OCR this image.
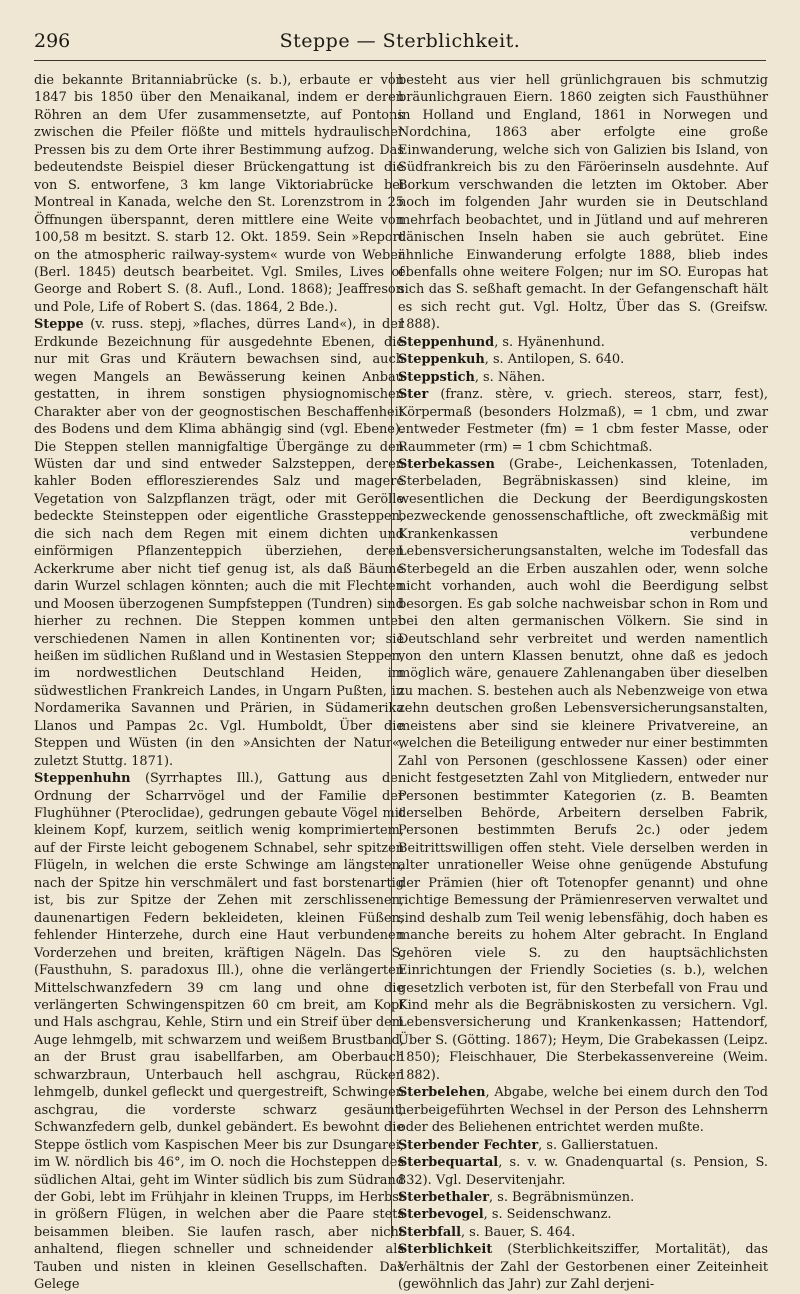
296	Steppe — Sterblichkeit.

die bekannte Britanniabrücke (s. b.), erbaute er von 1847 bis 1850 über den Menaikanal, indem er deren Röhren an dem Ufer zusammensetzte, auf Pontons zwischen die Pfeiler flößte und mittels hydraulischer Pressen bis zu dem Orte ihrer Bestimmung aufzog. Das bedeutendste Beispiel dieser Brückengattung ist die von S. entworfene, 3 km lange Viktoriabrücke bei Montreal in Kanada, welche den St. Lorenzstrom in 25 Öffnungen überspannt, deren mittlere eine Weite von 100,58 m besitzt. S. starb 12. Okt. 1859. Sein »Report on the atmospheric railway-system« wurde von Weber (Berl. 1845) deutsch bearbeitet. Vgl. Smiles, Lives of George and Robert S. (8. Aufl., Lond. 1868); Jeaffreson und Pole, Life of Robert S. (das. 1864, 2 Bde.).

Steppe (v. russ. stepj, »flaches, dürres Land«), in der Erdkunde Bezeichnung für ausgedehnte Ebenen, die nur mit Gras und Kräutern bewachsen sind, auch wegen Mangels an Bewässerung keinen Anbau gestatten, in ihrem sonstigen physiognomischen Charakter aber von der geognostischen Beschaffenheit des Bodens und dem Klima abhängig sind (vgl. Ebene). Die Steppen stellen mannigfaltige Übergänge zu den Wüsten dar und sind entweder Salzsteppen, deren kahler Boden effloreszierendes Salz und magere Vegetation von Salzpflanzen trägt, oder mit Gerölle bedeckte Steinsteppen oder eigentliche Grassteppen, die sich nach dem Regen mit einem dichten und einförmigen Pflanzenteppich überziehen, deren Ackerkrume aber nicht tief genug ist, als daß Bäume darin Wurzel schlagen könnten; auch die mit Flechten und Moosen überzogenen Sumpfsteppen (Tundren) sind hierher zu rechnen. Die Steppen kommen unter verschiedenen Namen in allen Kontinenten vor; sie heißen im südlichen Rußland und in Westasien Steppen, im nordwestlichen Deutschland Heiden, im südwestlichen Frankreich Landes, in Ungarn Pußten, in Nordamerika Savannen und Prärien, in Südamerika Llanos und Pampas 2c. Vgl. Humboldt, Über die Steppen und Wüsten (in den »Ansichten der Natur«, zuletzt Stuttg. 1871).

Steppenhuhn (Syrrhaptes Ill.), Gattung aus der Ordnung der Scharrvögel und der Familie der Flughühner (Pteroclidae), gedrungen gebaute Vögel mit kleinem Kopf, kurzem, seitlich wenig komprimiertem, auf der Firste leicht gebogenem Schnabel, sehr spitzen Flügeln, in welchen die erste Schwinge am längsten, nach der Spitze hin verschmälert und fast borstenartig ist, bis zur Spitze der Zehen mit zerschlissenen, daunenartigen Federn bekleideten, kleinen Füßen, fehlender Hinterzehe, durch eine Haut verbundenen Vorderzehen und breiten, kräftigen Nägeln. Das S. (Fausthuhn, S. paradoxus Ill.), ohne die verlängerten Mittelschwanzfedern 39 cm lang und ohne die verlängerten Schwingenspitzen 60 cm breit, am Kopf und Hals aschgrau, Kehle, Stirn und ein Streif über dem Auge lehmgelb, mit schwarzem und weißem Brustband, an der Brust grau isabellfarben, am Oberbauch schwarzbraun, Unterbauch hell aschgrau, Rücken lehmgelb, dunkel gefleckt und quergestreift, Schwingen aschgrau, die vorderste schwarz gesäumt, Schwanzfedern gelb, dunkel gebändert. Es bewohnt die Steppe östlich vom Kaspischen Meer bis zur Dsungarei, im W. nördlich bis 46°, im O. noch die Hochsteppen des südlichen Altai, geht im Winter südlich bis zum Südrand der Gobi, lebt im Frühjahr in kleinen Trupps, im Herbst in größern Flügen, in welchen aber die Paare stets beisammen bleiben. Sie laufen rasch, aber nicht anhaltend, fliegen schneller und schneidender als Tauben und nisten in kleinen Gesellschaften. Das Gelege

besteht aus vier hell grünlichgrauen bis schmutzig bräunlichgrauen Eiern. 1860 zeigten sich Fausthühner in Holland und England, 1861 in Norwegen und Nordchina, 1863 aber erfolgte eine große Einwanderung, welche sich von Galizien bis Island, von Südfrankreich bis zu den Färöerinseln ausdehnte. Auf Borkum verschwanden die letzten im Oktober. Aber noch im folgenden Jahr wurden sie in Deutschland mehrfach beobachtet, und in Jütland und auf mehreren dänischen Inseln haben sie auch gebrütet. Eine ähnliche Einwanderung erfolgte 1888, blieb indes ebenfalls ohne weitere Folgen; nur im SO. Europas hat sich das S. seßhaft gemacht. In der Gefangenschaft hält es sich recht gut. Vgl. Holtz, Über das S. (Greifsw. 1888).

Steppenhund, s. Hyänenhund.

Steppenkuh, s. Antilopen, S. 640.

Steppstich, s. Nähen.

Ster (franz. stère, v. griech. stereos, starr, fest), Körpermaß (besonders Holzmaß), = 1 cbm, und zwar entweder Festmeter (fm) = 1 cbm fester Masse, oder Raummeter (rm) = 1 cbm Schichtmaß.

Sterbekassen (Grabe-, Leichenkassen, Totenladen, Sterbeladen, Begräbniskassen) sind kleine, im wesentlichen die Deckung der Beerdigungskosten bezweckende genossenschaftliche, oft zweckmäßig mit Krankenkassen verbundene Lebensversicherungsanstalten, welche im Todesfall das Sterbegeld an die Erben auszahlen oder, wenn solche nicht vorhanden, auch wohl die Beerdigung selbst besorgen. Es gab solche nachweisbar schon in Rom und bei den alten germanischen Völkern. Sie sind in Deutschland sehr verbreitet und werden namentlich von den untern Klassen benutzt, ohne daß es jedoch möglich wäre, genauere Zahlenangaben über dieselben zu machen. S. bestehen auch als Nebenzweige von etwa zehn deutschen großen Lebensversicherungsanstalten, meistens aber sind sie kleinere Privatvereine, an welchen die Beteiligung entweder nur einer bestimmten Zahl von Personen (geschlossene Kassen) oder einer nicht festgesetzten Zahl von Mitgliedern, entweder nur Personen bestimmter Kategorien (z. B. Beamten derselben Behörde, Arbeitern derselben Fabrik, Personen bestimmten Berufs 2c.) oder jedem Beitrittswilligen offen steht. Viele derselben werden in alter unrationeller Weise ohne genügende Abstufung der Prämien (hier oft Totenopfer genannt) und ohne richtige Bemessung der Prämienreserven verwaltet und sind deshalb zum Teil wenig lebensfähig, doch haben es manche bereits zu hohem Alter gebracht. In England gehören viele S. zu den hauptsächlichsten Einrichtungen der Friendly Societies (s. b.), welchen gesetzlich verboten ist, für den Sterbefall von Frau und Kind mehr als die Begräbniskosten zu versichern. Vgl. Lebensversicherung und Krankenkassen; Hattendorf, Über S. (Götting. 1867); Heym, Die Grabekassen (Leipz. 1850); Fleischhauer, Die Sterbekassenvereine (Weim. 1882).

Sterbelehen, Abgabe, welche bei einem durch den Tod herbeigeführten Wechsel in der Person des Lehnsherrn oder des Beliehenen entrichtet werden mußte.

Sterbender Fechter, s. Gallierstatuen.

Sterbequartal, s. v. w. Gnadenquartal (s. Pension, S. 832). Vgl. Deservitenjahr.

Sterbethaler, s. Begräbnismünzen.

Sterbevogel, s. Seidenschwanz.

Sterbfall, s. Bauer, S. 464.

Sterblichkeit (Sterblichkeitsziffer, Mortalität), das Verhältnis der Zahl der Gestorbenen einer Zeiteinheit (gewöhnlich das Jahr) zur Zahl derjeni-
